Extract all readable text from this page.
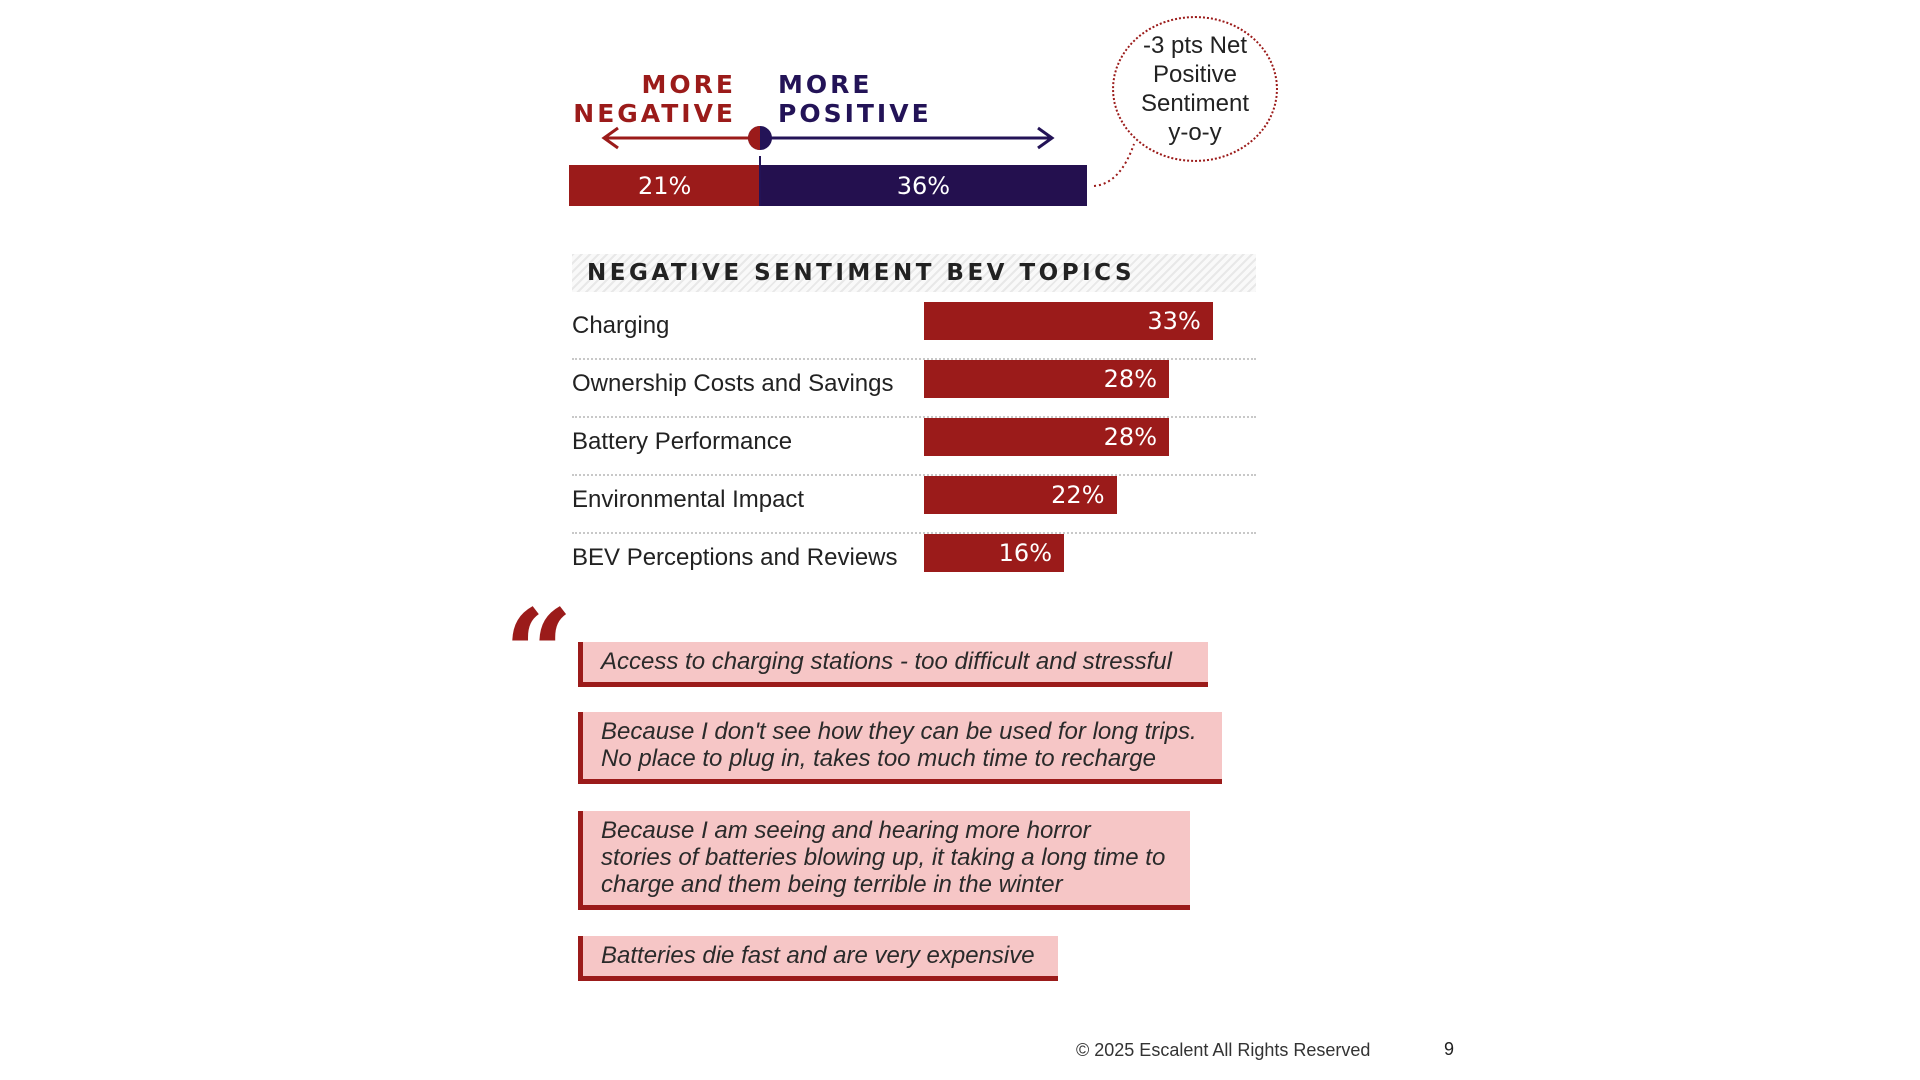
MORE
NEGATIVE
MORE
POSITIVE
21%	36%
-3 pts Net
Positive
Sentiment
y-o-y
NEGATIVE SENTIMENT BEV TOPICS
Charging	33%
Ownership Costs and Savings	28%
Battery Performance	28%
Environmental Impact	22%
BEV Perceptions and Reviews	16%
“	Access to charging stations - too difficult and stressful
Because I don't see how they can be used for long trips.
No place to plug in, takes too much time to recharge
Because I am seeing and hearing more horror
stories of batteries blowing up, it taking a long time to
charge and them being terrible in the winter
Batteries die fast and are very expensive
© 2025 Escalent All Rights Reserved	9
